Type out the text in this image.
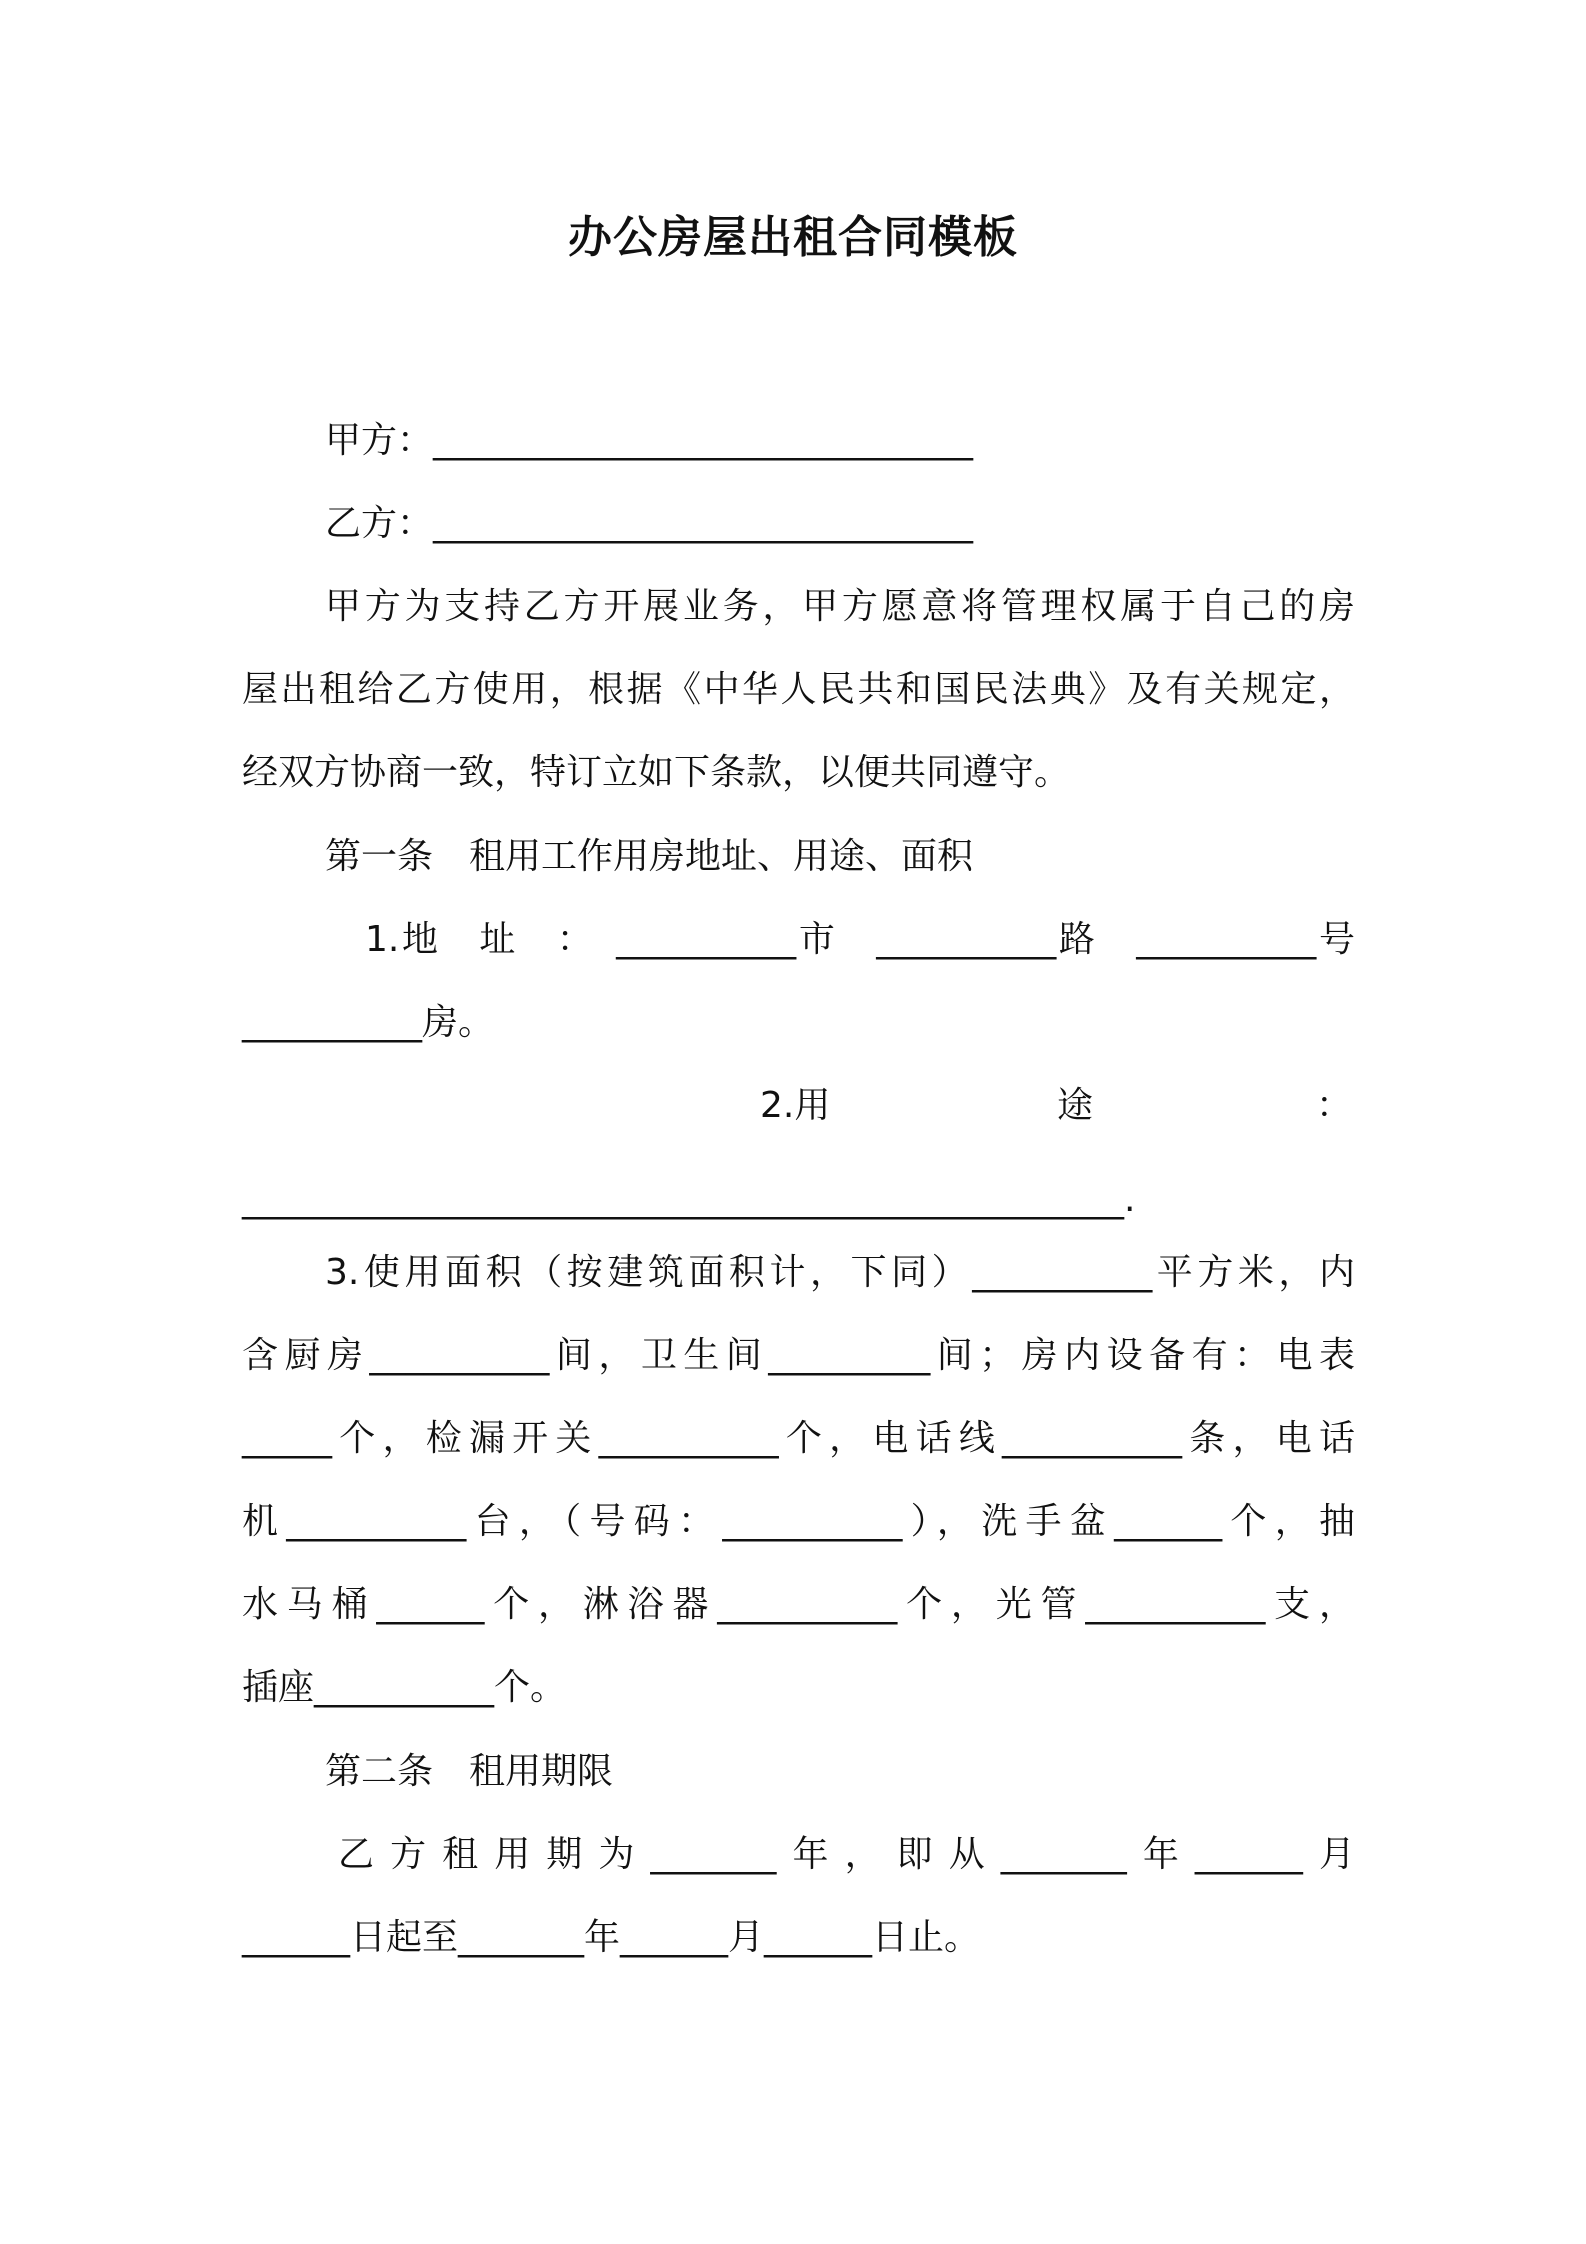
办公房屋出租合同模板
甲方：______________________________
乙方：______________________________
甲方为支持乙方开展业务，甲方愿意将管理权属于自己的房
屋出租给乙方使用，根据《中华人民共和国民法典》及有关规定，
经双方协商一致，特订立如下条款，以便共同遵守。
第一条　租用工作用房地址、用途、面积
1.地　址　：　__________市　__________路　__________号
__________房。
2.用	途	：
_________________________________________________.
3.使用面积（按建筑面积计，下同）__________平方米，内
含厨房__________间，卫生间_________间；房内设备有：电表
_____个，检漏开关__________个，电话线__________条，电话
机__________台，（号码：__________），洗手盆______个，抽
水马桶______个，淋浴器__________个，光管__________支，
插座__________个。
第二条　租用期限
乙方租用期为_______年，即从_______年______月
______日起至_______年______月______日止。
